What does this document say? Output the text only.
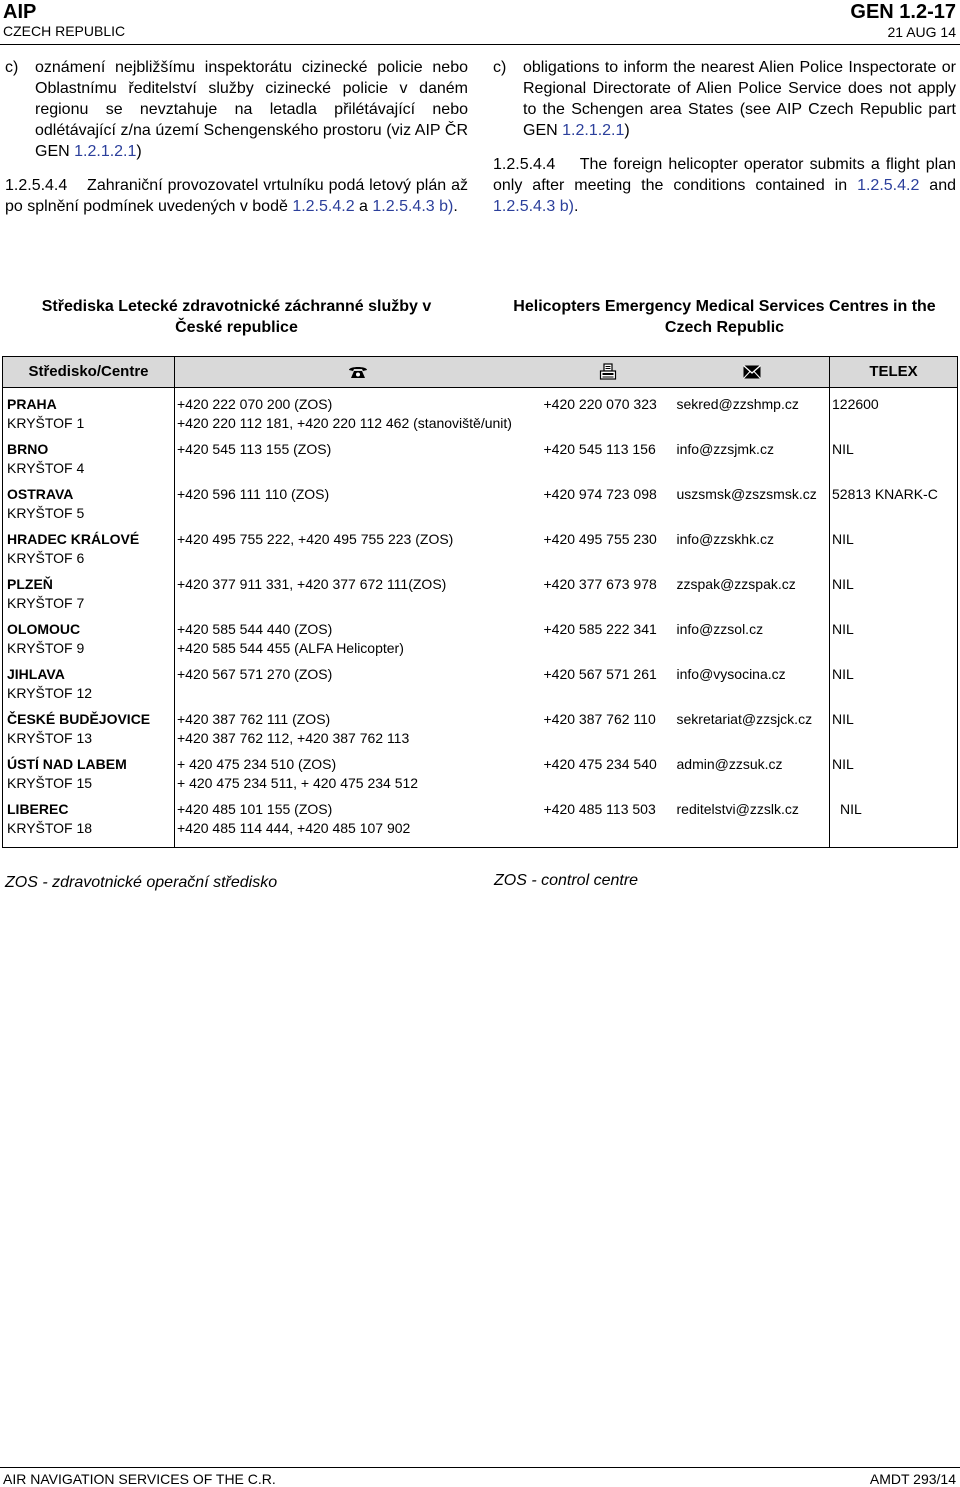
AIP
CZECH REPUBLIC
GEN 1.2-17
21 AUG 14
c)	oznámení nejbližšímu inspektorátu cizinecké policie nebo Oblastnímu ředitelství služby cizinecké policie v daném regionu se nevztahuje na letadla přilétávající nebo odlétávající z/na území Schengenského prostoru (viz AIP ČR GEN 1.2.1.2.1)
1.2.5.4.4 Zahraniční provozovatel vrtulníku podá letový plán až po splnění podmínek uvedených v bodě 1.2.5.4.2 a 1.2.5.4.3 b).
c)	obligations to inform the nearest Alien Police Inspectorate or Regional Directorate of Alien Police Service does not apply to the Schengen area States (see AIP Czech Republic part GEN 1.2.1.2.1)
1.2.5.4.4 The foreign helicopter operator submits a flight plan only after meeting the conditions contained in 1.2.5.4.2 and 1.2.5.4.3 b).
Střediska Letecké zdravotnické záchranné služby v
České republice
Helicopters Emergency Medical Services Centres in the
Czech Republic
Středisko/Centre				TELEX

PRAHA
KRYŠTOF 1	+420 222 070 200 (ZOS)
+420 220 112 181, +420 220 112 462 (stanoviště/unit)	+420 220 070 323	sekred@zzshmp.cz	122600

BRNO
KRYŠTOF 4	+420 545 113 155 (ZOS)	+420 545 113 156	info@zzsjmk.cz	NIL

OSTRAVA
KRYŠTOF 5	+420 596 111 110 (ZOS)	+420 974 723 098	uszsmsk@zszsmsk.cz	52813 KNARK-C

HRADEC KRÁLOVÉ
KRYŠTOF 6	+420 495 755 222, +420 495 755 223 (ZOS)	+420 495 755 230	info@zzskhk.cz	NIL

PLZEŇ
KRYŠTOF 7	+420 377 911 331, +420 377 672 111(ZOS)	+420 377 673 978	zzspak@zzspak.cz	NIL

OLOMOUC
KRYŠTOF 9	+420 585 544 440 (ZOS)
+420 585 544 455 (ALFA Helicopter)	+420 585 222 341	info@zzsol.cz	NIL

JIHLAVA
KRYŠTOF 12	+420 567 571 270 (ZOS)	+420 567 571 261	info@vysocina.cz	NIL

ČESKÉ BUDĚJOVICE
KRYŠTOF 13	+420 387 762 111 (ZOS)
+420 387 762 112, +420 387 762 113	+420 387 762 110	sekretariat@zzsjck.cz	NIL

ÚSTÍ NAD LABEM
KRYŠTOF 15	+ 420 475 234 510 (ZOS)
+ 420 475 234 511, + 420 475 234 512	+420 475 234 540	admin@zzsuk.cz	NIL

LIBEREC
KRYŠTOF 18	+420 485 101 155 (ZOS)
+420 485 114 444, +420 485 107 902	+420 485 113 503	reditelstvi@zzslk.cz	NIL
ZOS - zdravotnické operační středisko	ZOS - control centre
AIR NAVIGATION SERVICES OF THE C.R.	AMDT 293/14
